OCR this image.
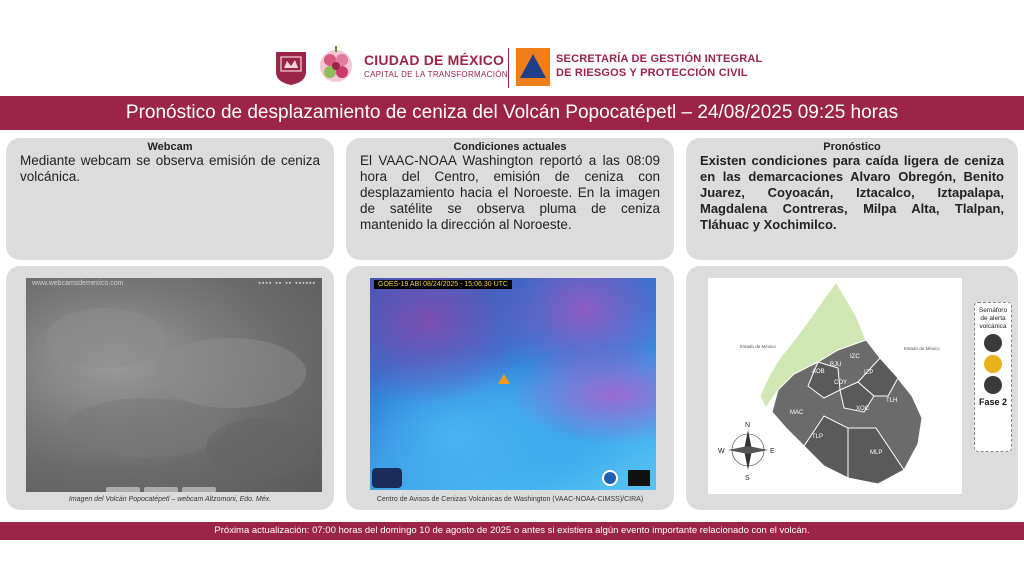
CIUDAD DE MÉXICO
CAPITAL DE LA TRANSFORMACIÓN
SECRETARÍA DE GESTIÓN INTEGRAL
DE RIESGOS Y PROTECCIÓN CIVIL
Pronóstico de desplazamiento de ceniza del Volcán Popocatépetl – 24/08/2025 09:25 horas
Webcam
Mediante webcam se observa emisión de ceniza volcánica.
Condiciones actuales
El VAAC-NOAA Washington reportó a las 08:09 hora del Centro, emisión de ceniza con desplazamiento hacia el Noroeste. En la imagen de satélite se observa pluma de ceniza mantenido la dirección al Noroeste.
Pronóstico
Existen condiciones para caída ligera de ceniza en las demarcaciones Alvaro Obregón, Benito Juarez, Coyoacán, Iztacalco, Iztapalapa, Magdalena Contreras, Milpa Alta, Tlalpan, Tláhuac y Xochimilco.
www.webcamsdemexico.com	▪▪▪▪ ▪▪ ▪▪ ▪▪▪▪▪▪
Imagen del Volcán Popocatépetl – webcam Altzomoni, Edo. Méx.
GOES-19 ABI 08/24/2025 - 15:06:30 UTC
Centro de Avisos de Cenizas Volcánicas de Washington (VAAC-NOAA-CIMSS)/CIRA)
AOB
BJU
IZC
IZP
COY
MAC
XOC
TLH
TLP
MLP
Estado de México	Estado de México
N
S
E
W
Semáforo de alerta volcánica
Fase 2
Próxima actualización: 07:00 horas del domingo 10 de agosto de 2025 o antes si existiera algún evento importante relacionado con el volcán.
